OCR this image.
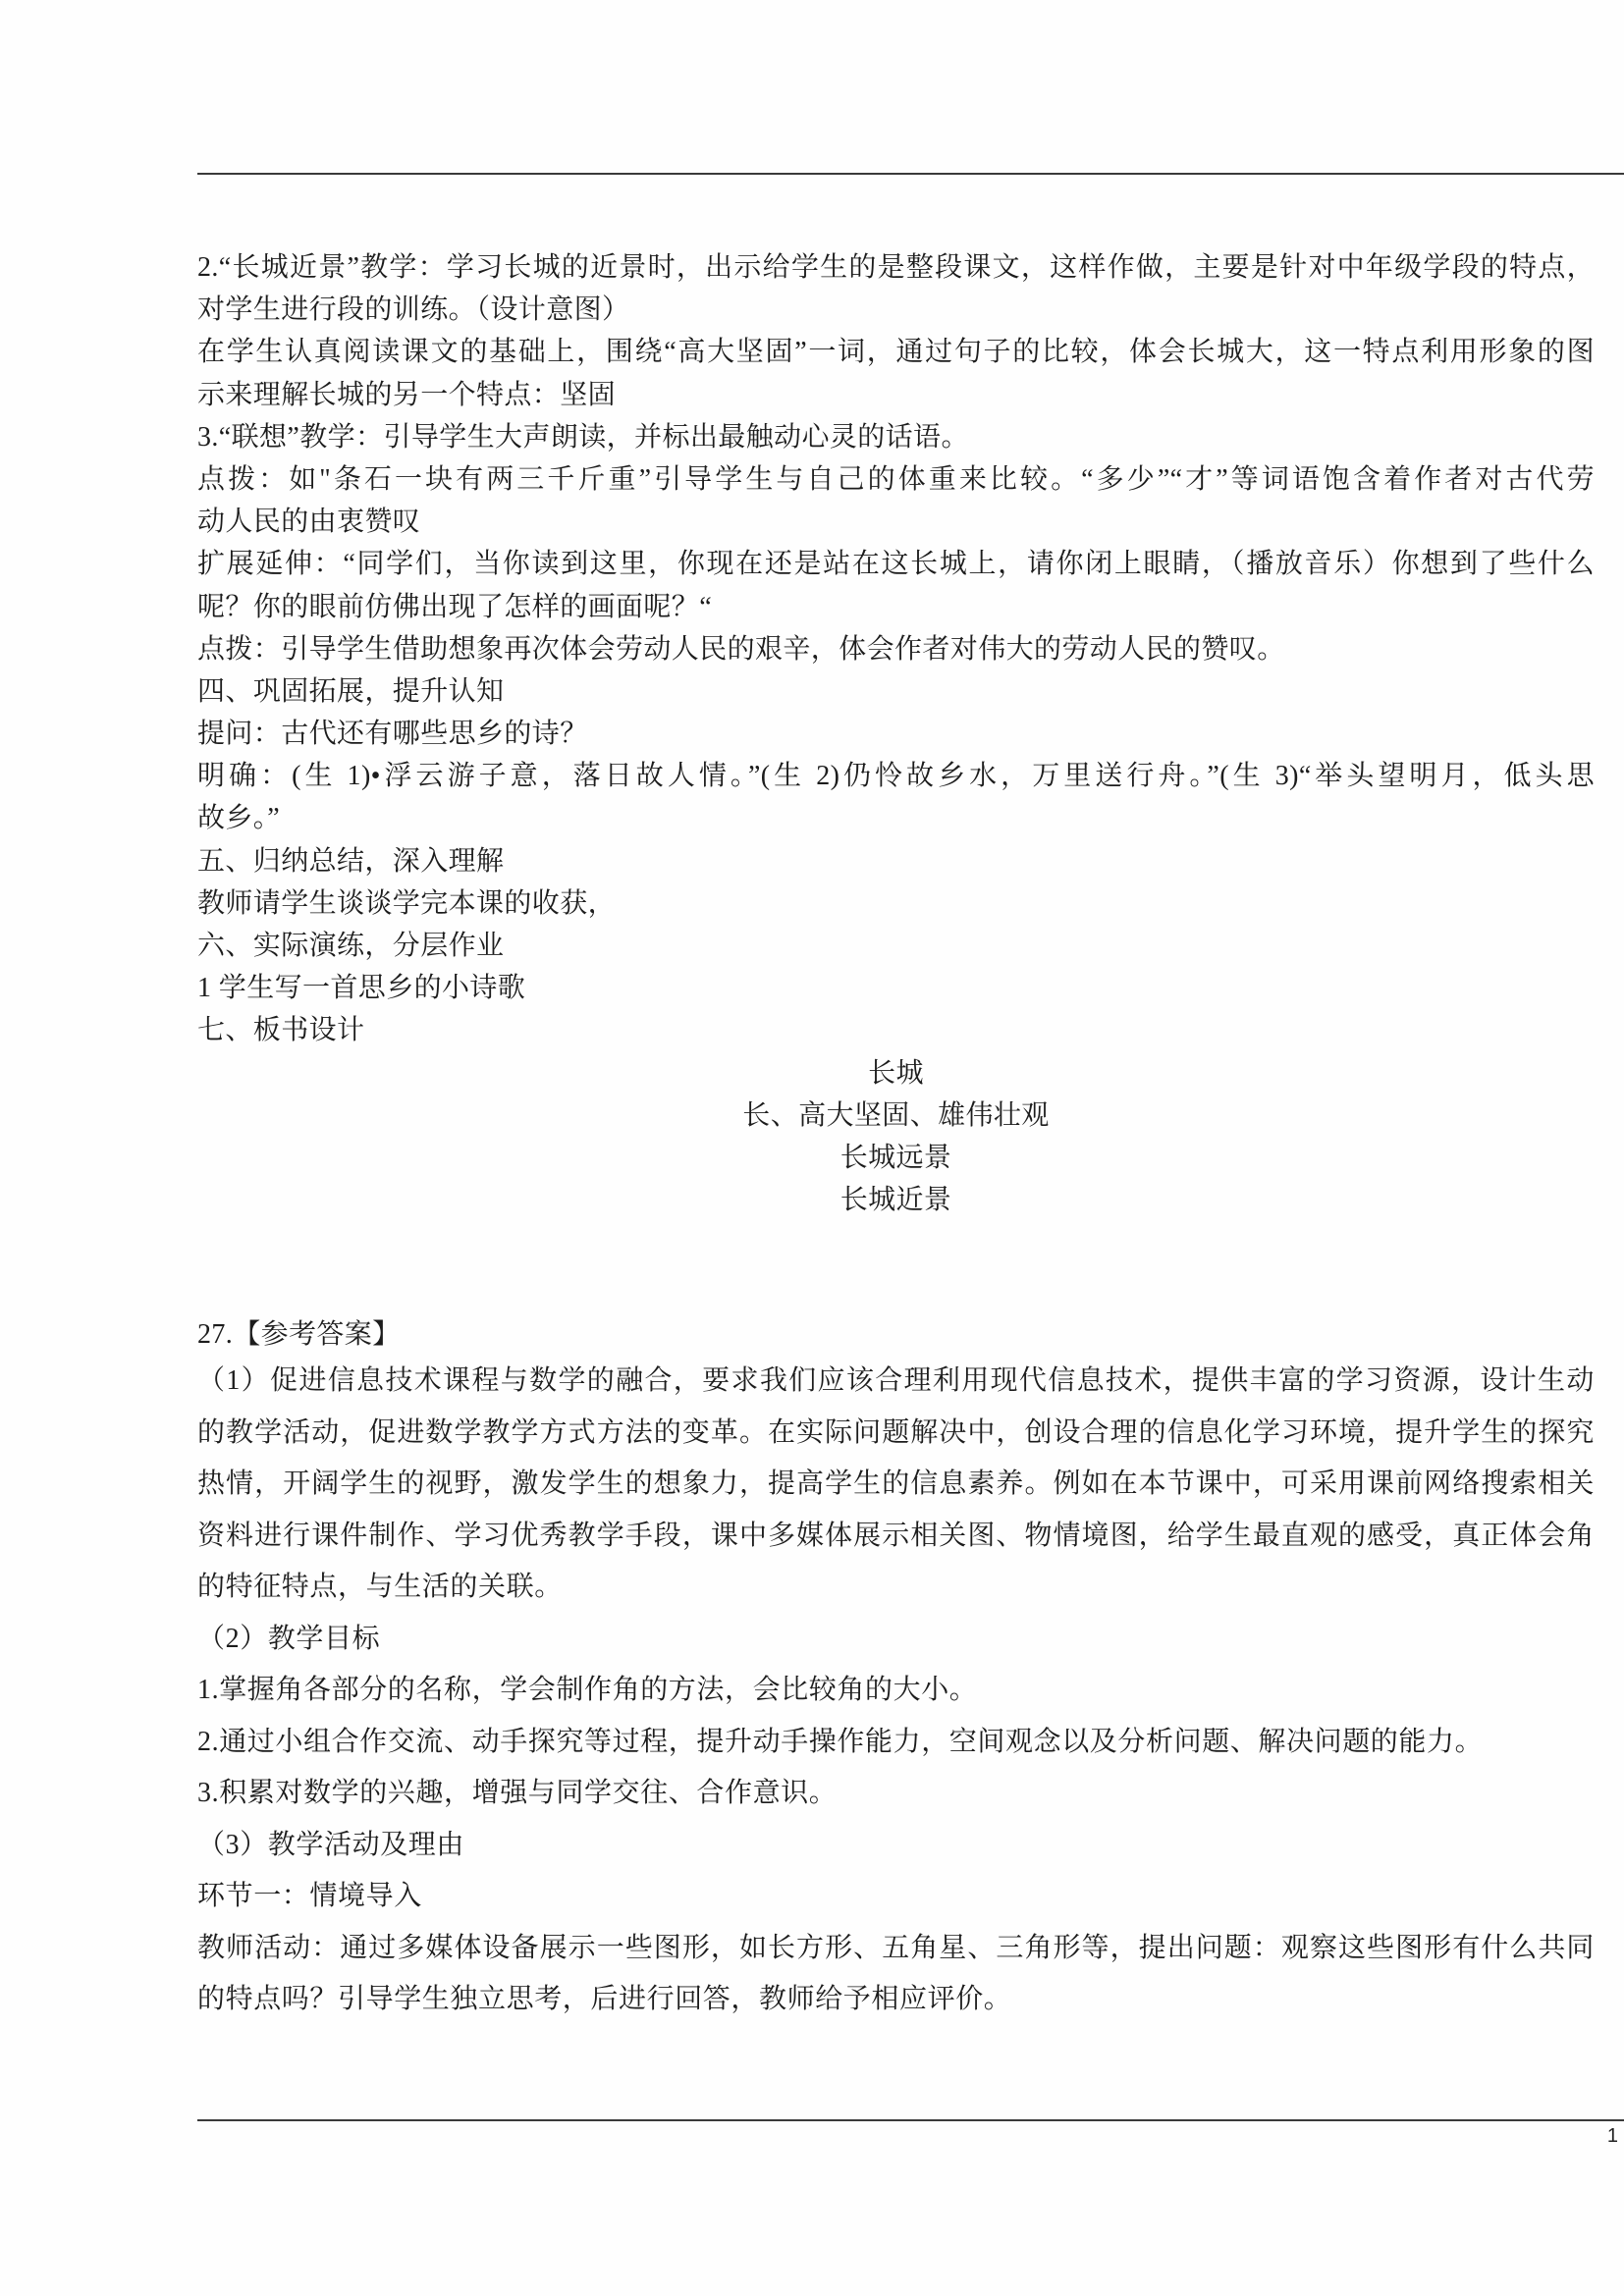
2.“长城近景”教学：学习长城的近景时，出示给学生的是整段课文，这样作做，主要是针对中年级学段的特点，
对学生进行段的训练。（设计意图）
在学生认真阅读课文的基础上，围绕“高大坚固”一词，通过句子的比较，体会长城大，这一特点利用形象的图
示来理解长城的另一个特点：坚固
3.“联想”教学：引导学生大声朗读，并标出最触动心灵的话语。
点拨：如"条石一块有两三千斤重”引导学生与自己的体重来比较。“多少”“才”等词语饱含着作者对古代劳
动人民的由衷赞叹
扩展延伸：“同学们，当你读到这里，你现在还是站在这长城上，请你闭上眼睛，（播放音乐）你想到了些什么
呢？你的眼前仿佛出现了怎样的画面呢？“
点拨：引导学生借助想象再次体会劳动人民的艰辛，体会作者对伟大的劳动人民的赞叹。
四、巩固拓展，提升认知
提问：古代还有哪些思乡的诗？
明确：(生 1)•浮云游子意，落日故人情。”(生 2)仍怜故乡水，万里送行舟。”(生 3)“举头望明月，低头思
故乡。”
五、归纳总结，深入理解
教师请学生谈谈学完本课的收获，
六、实际演练，分层作业
1 学生写一首思乡的小诗歌
七、板书设计
长城
长、高大坚固、雄伟壮观
长城远景
长城近景
27.【参考答案】
（1）促进信息技术课程与数学的融合，要求我们应该合理利用现代信息技术，提供丰富的学习资源，设计生动
的教学活动，促进数学教学方式方法的变革。在实际问题解决中，创设合理的信息化学习环境，提升学生的探究
热情，开阔学生的视野，激发学生的想象力，提高学生的信息素养。例如在本节课中，可采用课前网络搜索相关
资料进行课件制作、学习优秀教学手段，课中多媒体展示相关图、物情境图，给学生最直观的感受，真正体会角
的特征特点，与生活的关联。
（2）教学目标
1.掌握角各部分的名称，学会制作角的方法，会比较角的大小。
2.通过小组合作交流、动手探究等过程，提升动手操作能力，空间观念以及分析问题、解决问题的能力。
3.积累对数学的兴趣，增强与同学交往、合作意识。
（3）教学活动及理由
环节一：情境导入
教师活动：通过多媒体设备展示一些图形，如长方形、五角星、三角形等，提出问题：观察这些图形有什么共同
的特点吗？引导学生独立思考，后进行回答，教师给予相应评价。
1
